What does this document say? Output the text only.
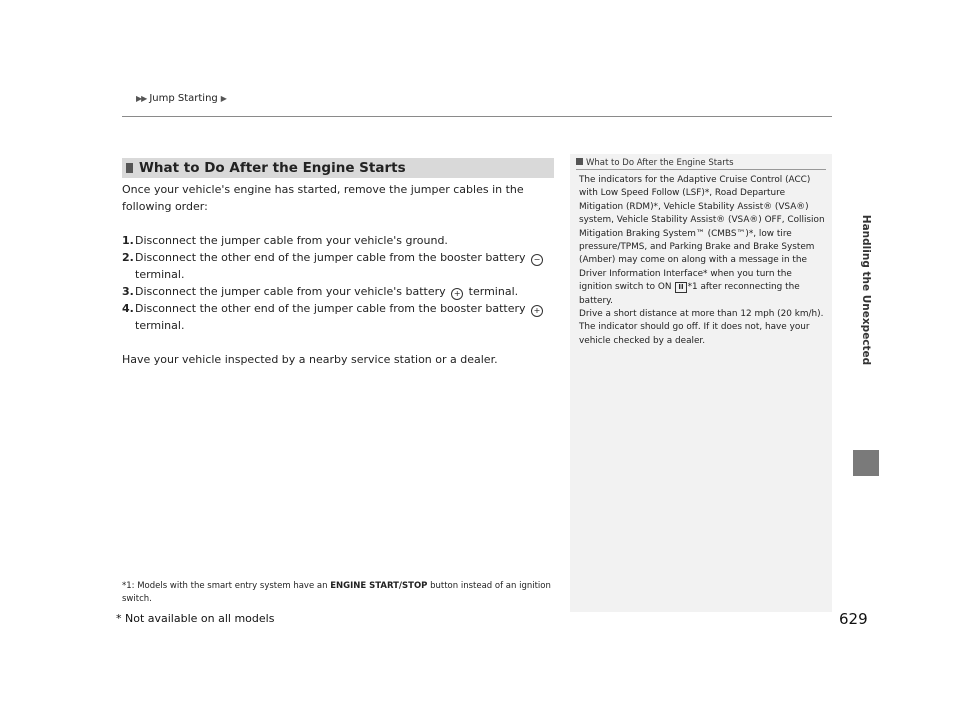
▶▶ Jump Starting ▶
Handling the Unexpected
629
What to Do After the Engine Starts

Once your vehicle's engine has started, remove the jumper cables in the following order:

1. Disconnect the jumper cable from your vehicle's ground.
2. Disconnect the other end of the jumper cable from the booster battery −
terminal.
3. Disconnect the jumper cable from your vehicle's battery + terminal.
4. Disconnect the other end of the jumper cable from the booster battery +
terminal.

Have your vehicle inspected by a nearby service station or a dealer.

*1: Models with the smart entry system have an ENGINE START/STOP button instead of an ignition switch.
What to Do After the Engine Starts
The indicators for the Adaptive Cruise Control (ACC) with Low Speed Follow (LSF)*, Road Departure Mitigation (RDM)*, Vehicle Stability Assist® (VSA®) system, Vehicle Stability Assist® (VSA®) OFF, Collision Mitigation Braking System™ (CMBS™)*, low tire pressure/TPMS, and Parking Brake and Brake System (Amber) may come on along with a message in the Driver Information Interface* when you turn the ignition switch to ON II *1 after reconnecting the battery.
Drive a short distance at more than 12 mph (20 km/h). The indicator should go off. If it does not, have your vehicle checked by a dealer.
* Not available on all models
